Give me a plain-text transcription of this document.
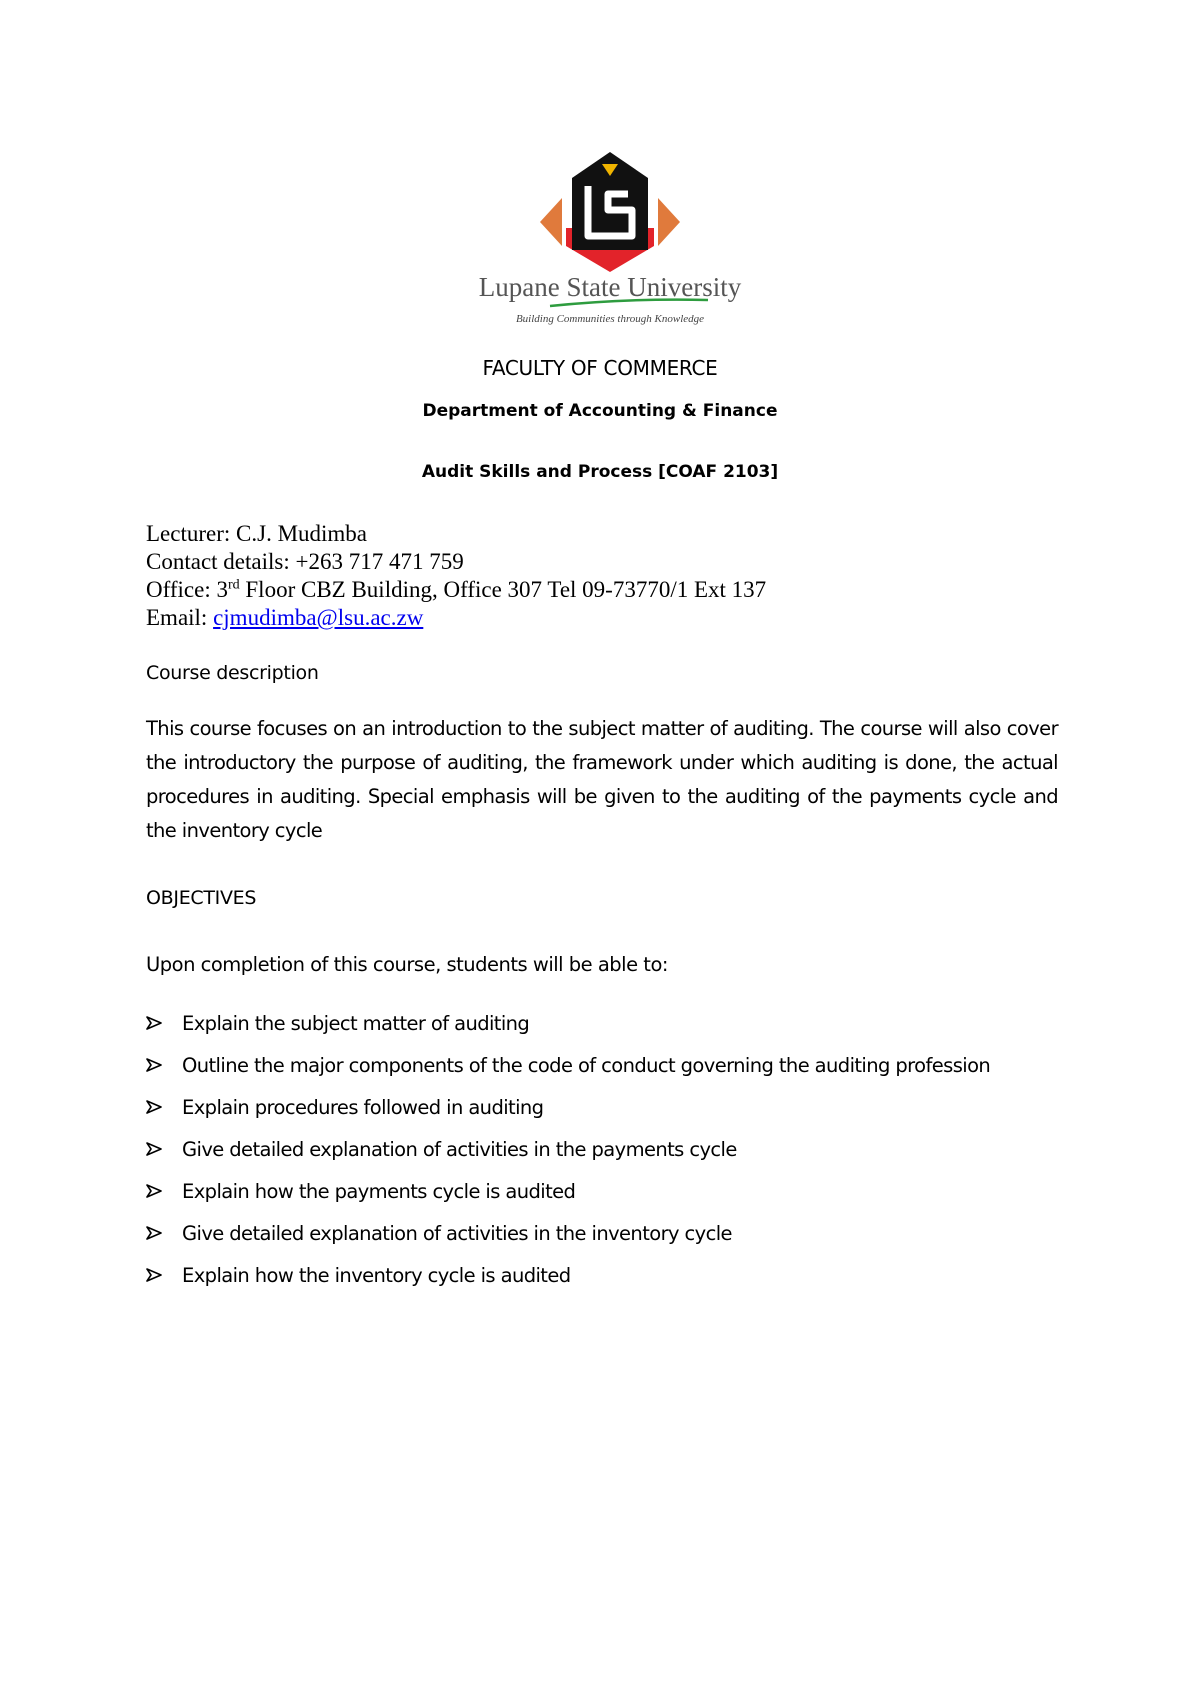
Lupane State University
Building Communities through Knowledge
FACULTY OF COMMERCE
Department of Accounting & Finance
Audit Skills and Process [COAF 2103]
Lecturer: C.J. Mudimba
Contact details: +263 717 471 759
Office: 3rd Floor CBZ Building, Office 307 Tel 09-73770/1 Ext 137
Email: cjmudimba@lsu.ac.zw
Course description
This course focuses on an introduction to the subject matter of auditing. The course will also cover the introductory the purpose of auditing, the framework under which auditing is done, the actual procedures in auditing. Special emphasis will be given to the auditing of the payments cycle and the inventory cycle
OBJECTIVES
Upon completion of this course, students will be able to:
Explain the subject matter of auditing
Outline the major components of the code of conduct governing the auditing profession
Explain procedures followed in auditing
Give detailed explanation of activities in the payments cycle
Explain how the payments cycle is audited
Give detailed explanation of activities in the inventory cycle
Explain how the inventory cycle is audited
